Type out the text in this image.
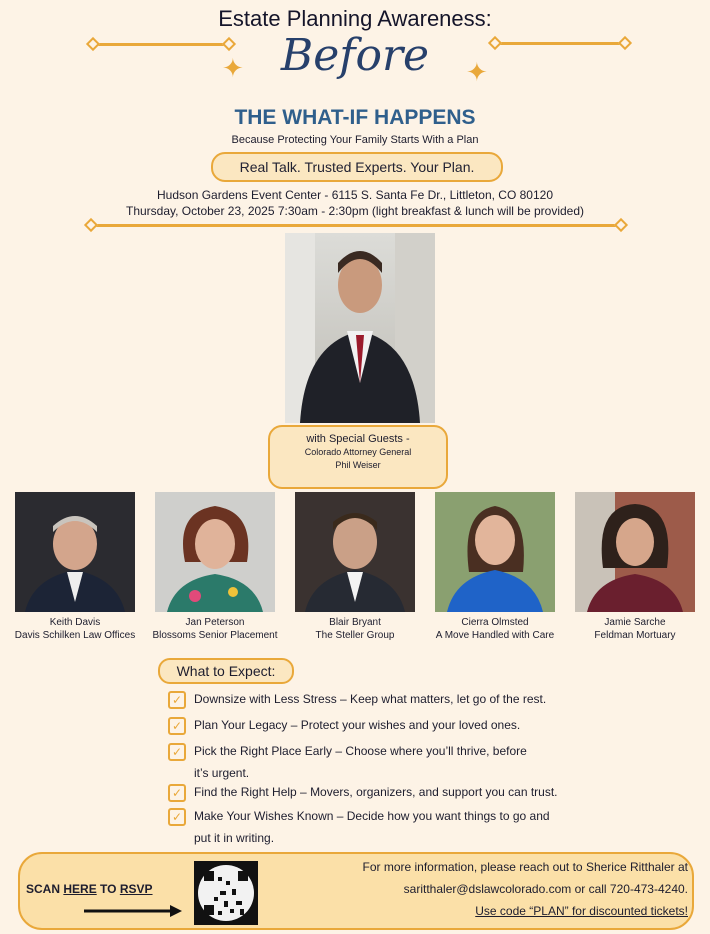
Estate Planning Awareness:
✦	✦
Before
THE WHAT-IF HAPPENS
Because Protecting Your Family Starts With a Plan
Real Talk. Trusted Experts. Your Plan.
Hudson Gardens Event Center - 6115 S. Santa Fe Dr., Littleton, CO 80120
Thursday, October 23, 2025 7:30am - 2:30pm (light breakfast & lunch will be provided)
with Special Guests -
Colorado Attorney General
Phil Weiser
Keith Davis
Davis Schilken Law Offices
Jan Peterson
Blossoms Senior Placement
Blair Bryant
The Steller Group
Cierra Olmsted
A Move Handled with Care
Jamie Sarche
Feldman Mortuary
What to Expect:
✓ Downsize with Less Stress – Keep what matters, let go of the rest.
✓ Plan Your Legacy – Protect your wishes and your loved ones.
✓ Pick the Right Place Early – Choose where you’ll thrive, before
it’s urgent.
✓ Find the Right Help – Movers, organizers, and support you can trust.
✓ Make Your Wishes Known – Decide how you want things to go and
put it in writing.
SCAN HERE TO RSVP
For more information, please reach out to Sherice Ritthaler at
saritthaler@dslawcolorado.com or call 720-473-4240.
Use code “PLAN” for discounted tickets!
